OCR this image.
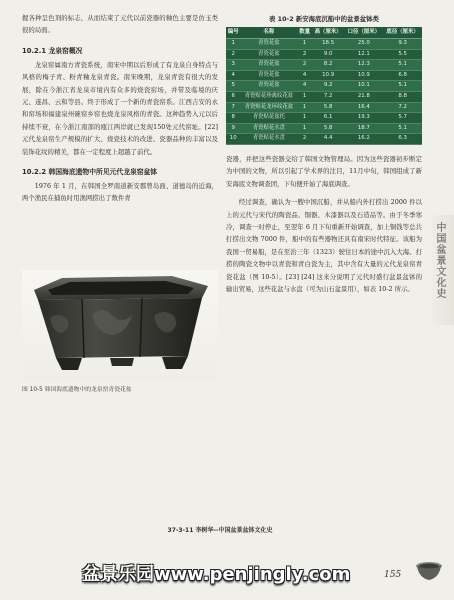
握各种呈色剂的标志，从而结束了元代以前瓷器的釉色主要是仿玉类很的局面。

10.2.1 龙泉窑概况

龙泉窑属南方青瓷系统，南宋中期以后形成了有龙泉自身特点与风格的梅子青、粉青釉龙泉青瓷。南宋晚期，龙泉青瓷有很大的发展，除在今浙江省龙泉市境内有众多的烧瓷窑场，并带及临境的庆元、遂昌、云和等县。终于形成了一个新的青瓷窑系。江西吉安的永和窑场和福建泉州碗窑乡窑也烧龙泉风格的青瓷。这种趋势入元以后持续不衰，在今浙江南部的瓯江两岸就已发现150处元代窑址。[22] 元代龙泉窑生产规模的扩大、烧瓷技术的改进、瓷器品种的丰富以及装饰花纹的精美，都在一定程度上超越了前代。

10.2.2 韩国海底遗物中所见元代龙泉窑盆钵

1976 年 1 月，在韩国全罗南道新安郡曾岛面、道德岛的近海，两个渔民在捕鱼时用渔网捞出了数件青

图 10-5 韩国海底遗物中的龙泉窑青瓷花盆
表 10-2 新安海底沉船中的盆景盆钵类
编号	名称	数量	高（厘米）	口径（厘米）	底径（厘米）
1	青瓷花盆	1	18.5	25.0	9.3
2	青瓷花盆	2	9.0	12.1	5.5
3	青瓷花盆	2	8.2	12.3	5.1
4	青瓷花盆	4	10.9	10.9	6.8
5	青瓷花盆	4	9.2	10.1	5.1
6	青瓷贴花珍禽纹花盆	1	7.2	21.8	8.8
7	青瓷贴花龙环纹花盆	1	5.8	16.4	7.2
8	青瓷贴花盆托	1	6.1	19.3	5.7
9	青瓷贴花水盘	1	5.8	18.7	5.1
10	青瓷贴花水盘	2	4.4	16.2	6.3

瓷器，并把这些瓷器交给了韩国文物管理局。因为这些瓷器初步断定为中国的文物，所以引起了学术界的注目，11月中旬，韩国组成了新安海底文物调查团，下旬便开始了海底调查。

经过调查，确认为一艘中国沉船，并从船内外打捞出 2000 件以上的元代与宋代的陶瓷品、铜器、木漆器以及石造品等。由于冬季寒冷，调查一时停止，至翌年 6 月下旬重新开始调查，加上铜钱等总共打捞出文物 7000 件，船中的有些器物还具有南宋时代特征。该船为我国一贸易船，是在至治三年（1323）驶往日本的途中沉入大海。打捞的陶瓷文物中以青瓷和青白瓷为主，其中含有大量的元代龙泉窑青瓷花盆（图 10-5）。[23] [24] 这来分说明了元代时盛行盆景盆钵的输出贸易，这些花盆与水盘（可为山石盆景用），如表 10-2 所示。	中国盆景文化史
37-3-11 李树华--中国盆景盆钵文化史
盆景乐园www.penjingly.com	155
